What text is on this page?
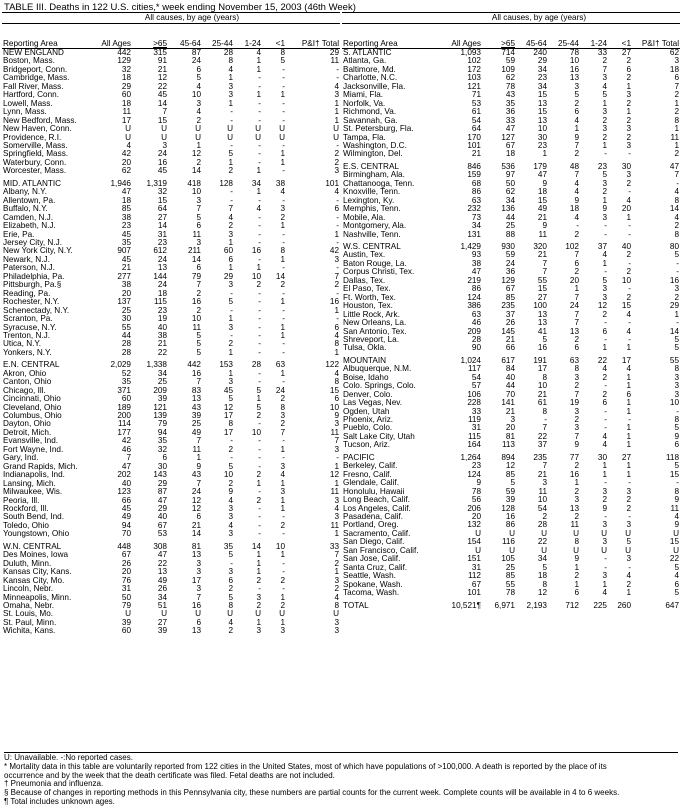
TABLE III. Deaths in 122 U.S. cities,* week ending November 15, 2003 (46th Week)
	All causes, by age (years)						
Reporting Area	All Ages	>65	45-64	25-44	1-24	<1	P&I† Total
NEW ENGLAND	442	315	87	28	4	8	29
Boston, Mass.	129	91	24	8	1	5	11
Bridgeport, Conn.	32	21	6	4	1	-	-
Cambridge, Mass.	18	12	5	1	-	-	-
Fall River, Mass.	29	22	4	3	-	-	4
Hartford, Conn.	60	45	10	3	1	1	3
Lowell, Mass.	18	14	3	1	-	-	1
Lynn, Mass.	11	7	4	-	-	-	1
New Bedford, Mass.	17	15	2	-	-	-	1
New Haven, Conn.	U	U	U	U	U	U	U
Providence, R.I.	U	U	U	U	U	U	U
Somerville, Mass.	4	3	1	-	-	-	-
Springfield, Mass.	42	24	12	5	-	1	2
Waterbury, Conn.	20	16	2	1	-	1	2
Worcester, Mass.	62	45	14	2	1	-	3

MID. ATLANTIC	1,946	1,319	418	128	34	38	101
Albany, N.Y.	47	32	10	-	1	4	4
Allentown, Pa.	18	15	3	-	-	-	-
Buffalo, N.Y.	85	64	7	7	4	3	6
Camden, N.J.	38	27	5	4	-	2	-
Elizabeth, N.J.	23	14	6	2	-	1	-
Erie, Pa.	45	31	11	3	-	-	1
Jersey City, N.J.	35	23	3	1	-	-	-
New York City, N.Y.	907	612	211	60	16	8	42
Newark, N.J.	45	24	14	6	-	1	3
Paterson, N.J.	21	13	6	1	1	-	-
Philadelphia, Pa.	277	144	79	29	10	14	7
Pittsburgh, Pa.§	38	24	7	3	2	2	2
Reading, Pa.	20	18	2	-	-	-	-
Rochester, N.Y.	137	115	16	5	-	1	16
Schenectady, N.Y.	25	23	2	-	-	-	1
Scranton, Pa.	30	19	10	1	-	-	-
Syracuse, N.Y.	55	40	11	3	-	1	6
Trenton, N.J.	44	38	5	-	-	1	4
Utica, N.Y.	28	21	5	2	-	-	8
Yonkers, N.Y.	28	22	5	1	-	-	1

E.N. CENTRAL	2,029	1,338	442	153	28	63	122
Akron, Ohio	52	34	16	1	-	1	4
Canton, Ohio	35	25	7	3	-	-	8
Chicago, Ill.	371	209	83	45	5	24	15
Cincinnati, Ohio	60	39	13	5	1	2	6
Cleveland, Ohio	189	121	43	12	5	8	10
Columbus, Ohio	200	139	39	17	2	3	9
Dayton, Ohio	114	79	25	8	-	2	3
Detroit, Mich.	177	94	49	17	10	7	11
Evansville, Ind.	42	35	7	-	-	-	7
Fort Wayne, Ind.	46	32	11	2	-	1	3
Gary, Ind.	7	6	1	-	-	-	-
Grand Rapids, Mich.	47	30	9	5	-	3	1
Indianapolis, Ind.	202	143	43	10	2	4	12
Lansing, Mich.	40	29	7	2	1	1	1
Milwaukee, Wis.	123	87	24	9	-	3	11
Peoria, Ill.	66	47	12	4	2	1	3
Rockford, Ill.	45	29	12	3	-	1	4
South Bend, Ind.	49	40	6	3	-	-	3
Toledo, Ohio	94	67	21	4	-	2	11
Youngstown, Ohio	70	53	14	3	-	-	1

W.N. CENTRAL	448	308	81	35	14	10	33
Des Moines, Iowa	67	47	13	5	1	1	7
Duluth, Minn.	26	22	3	-	1	-	2
Kansas City, Kans.	20	13	3	3	1	-	1
Kansas City, Mo.	76	49	17	6	2	2	3
Lincoln, Nebr.	31	26	3	2	-	-	2
Minneapolis, Minn.	50	34	7	5	3	1	4
Omaha, Nebr.	79	51	16	8	2	2	8
St. Louis, Mo.	U	U	U	U	U	U	U
St. Paul, Minn.	39	27	6	4	1	1	3
Wichita, Kans.	60	39	13	2	3	3	3
	All causes, by age (years)						
Reporting Area	All Ages	>65	45-64	25-44	1-24	<1	P&I† Total
S. ATLANTIC	1,093	714	240	78	33	27	62
Atlanta, Ga.	102	59	29	10	2	2	3
Baltimore, Md.	172	109	34	16	7	6	18
Charlotte, N.C.	103	62	23	13	3	2	6
Jacksonville, Fla.	121	78	34	3	4	1	7
Miami, Fla.	71	43	15	5	5	3	2
Norfolk, Va.	53	35	13	2	1	2	1
Richmond, Va.	61	36	15	6	3	1	2
Savannah, Ga.	54	33	13	4	2	2	8
St. Petersburg, Fla.	64	47	10	1	3	3	1
Tampa, Fla.	170	127	30	9	2	2	11
Washington, D.C.	101	67	23	7	1	3	1
Wilmington, Del.	21	18	1	2	-	-	2

E.S. CENTRAL	846	536	179	48	23	30	47
Birmingham, Ala.	159	97	47	7	5	3	7
Chattanooga, Tenn.	68	50	9	4	3	2	-
Knoxville, Tenn.	86	62	18	4	2	-	4
Lexington, Ky.	63	34	15	9	1	4	8
Memphis, Tenn.	232	136	49	18	9	20	14
Mobile, Ala.	73	44	21	4	3	1	4
Montgomery, Ala.	34	25	9	-	-	-	2
Nashville, Tenn.	131	88	11	2	-	-	8

W.S. CENTRAL	1,429	930	320	102	37	40	80
Austin, Tex.	93	59	21	7	4	2	5
Baton Rouge, La.	38	24	7	6	1	-	-
Corpus Christi, Tex.	47	36	7	2	-	2	-
Dallas, Tex.	219	129	55	20	5	10	16
El Paso, Tex.	86	67	15	1	3	-	3
Ft. Worth, Tex.	124	85	27	7	3	2	2
Houston, Tex.	386	235	100	24	12	15	29
Little Rock, Ark.	63	37	13	7	2	4	1
New Orleans, La.	46	26	13	7	-	-	-
San Antonio, Tex.	209	145	41	13	6	4	14
Shreveport, La.	28	21	5	2	-	-	5
Tulsa, Okla.	90	66	16	6	1	1	5

MOUNTAIN	1,024	617	191	63	22	17	55
Albuquerque, N.M.	117	84	17	8	4	4	8
Boise, Idaho	54	40	8	3	2	1	3
Colo. Springs, Colo.	57	44	10	2	-	1	3
Denver, Colo.	106	70	21	7	2	6	3
Las Vegas, Nev.	228	141	61	19	6	1	10
Ogden, Utah	33	21	8	3	-	1	-
Phoenix, Ariz.	119	3	-	2	-	-	8
Pueblo, Colo.	31	20	7	3	-	1	5
Salt Lake City, Utah	115	81	22	7	4	1	9
Tucson, Ariz.	164	113	37	9	4	1	6

PACIFIC	1,264	894	235	77	30	27	118
Berkeley, Calif.	23	12	7	2	1	1	5
Fresno, Calif.	124	85	21	16	1	1	15
Glendale, Calif.	9	5	3	1	-	-	-
Honolulu, Hawaii	78	59	11	2	3	3	8
Long Beach, Calif.	56	39	10	3	2	2	9
Los Angeles, Calif.	206	128	54	13	9	2	11
Pasadena, Calif.	20	16	2	2	-	-	4
Portland, Oreg.	132	86	28	11	3	3	9
Sacramento, Calif.	U	U	U	U	U	U	U
San Diego, Calif.	154	116	22	8	3	5	15
San Francisco, Calif.	U	U	U	U	U	U	U
San Jose, Calif.	151	105	34	9	-	3	22
Santa Cruz, Calif.	31	25	5	1	-	-	5
Seattle, Wash.	112	85	18	2	3	4	4
Spokane, Wash.	67	55	8	1	1	2	6
Tacoma, Wash.	101	78	12	6	4	1	5

TOTAL	10,521¶	6,971	2,193	712	225	260	647
U: Unavailable. -:No reported cases.
* Mortality data in this table are voluntarily reported from 122 cities in the United States, most of which have populations of >100,000. A death is reported by the place of its
occurrence and by the week that the death certificate was filed. Fetal deaths are not included.
† Pneumonia and influenza.
§ Because of changes in reporting methods in this Pennsylvania city, these numbers are partial counts for the current week. Complete counts will be available in 4 to 6 weeks.
¶ Total includes unknown ages.
